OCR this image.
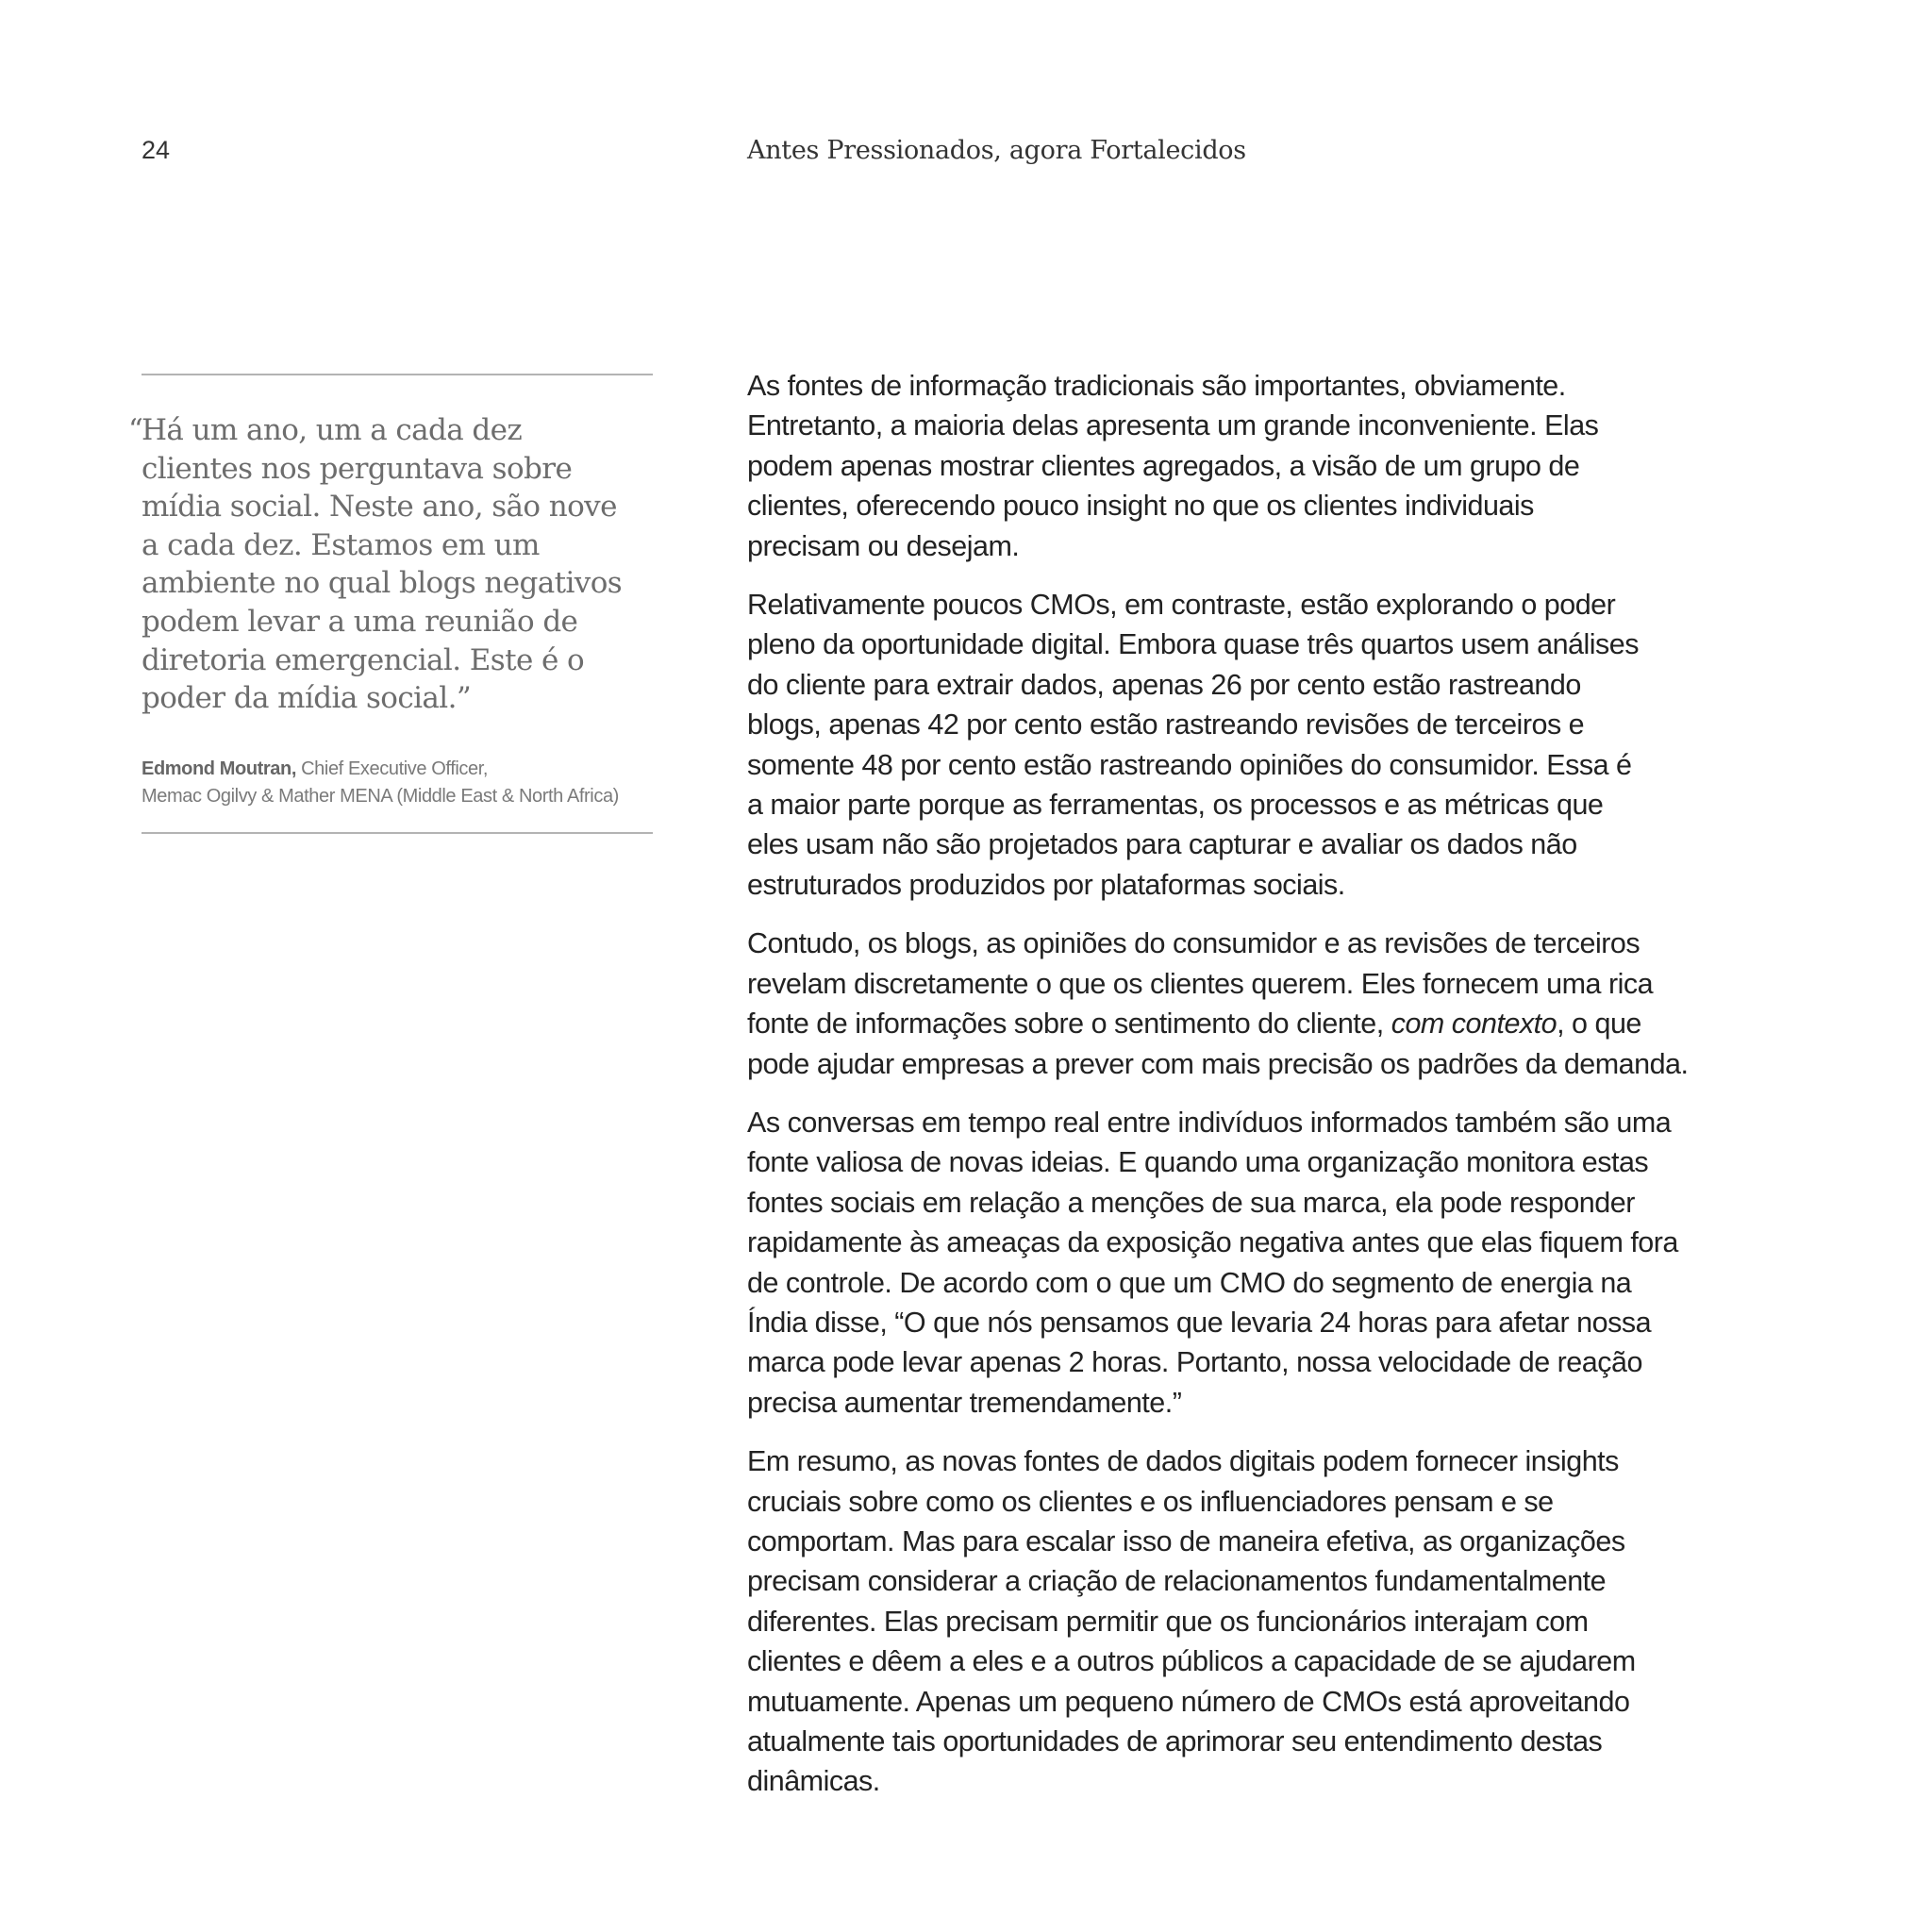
24	Antes Pressionados, agora Fortalecidos
“
Há um ano, um a cada dez
clientes nos perguntava sobre
mídia social. Neste ano, são nove
a cada dez. Estamos em um
ambiente no qual blogs negativos
podem levar a uma reunião de
diretoria emergencial. Este é o
poder da mídia social.”
Edmond Moutran, Chief Executive Officer,
Memac Ogilvy & Mather MENA (Middle East & North Africa)

As fontes de informação tradicionais são importantes, obviamente.
Entretanto, a maioria delas apresenta um grande inconveniente. Elas
podem apenas mostrar clientes agregados, a visão de um grupo de
clientes, oferecendo pouco insight no que os clientes individuais
precisam ou desejam.

Relativamente poucos CMOs, em contraste, estão explorando o poder
pleno da oportunidade digital. Embora quase três quartos usem análises
do cliente para extrair dados, apenas 26 por cento estão rastreando
blogs, apenas 42 por cento estão rastreando revisões de terceiros e
somente 48 por cento estão rastreando opiniões do consumidor. Essa é
a maior parte porque as ferramentas, os processos e as métricas que
eles usam não são projetados para capturar e avaliar os dados não
estruturados produzidos por plataformas sociais.

Contudo, os blogs, as opiniões do consumidor e as revisões de terceiros
revelam discretamente o que os clientes querem. Eles fornecem uma rica
fonte de informações sobre o sentimento do cliente, com contexto, o que
pode ajudar empresas a prever com mais precisão os padrões da demanda.

As conversas em tempo real entre indivíduos informados também são uma
fonte valiosa de novas ideias. E quando uma organização monitora estas
fontes sociais em relação a menções de sua marca, ela pode responder
rapidamente às ameaças da exposição negativa antes que elas fiquem fora
de controle. De acordo com o que um CMO do segmento de energia na
Índia disse, “O que nós pensamos que levaria 24 horas para afetar nossa
marca pode levar apenas 2 horas. Portanto, nossa velocidade de reação
precisa aumentar tremendamente.”

Em resumo, as novas fontes de dados digitais podem fornecer insights
cruciais sobre como os clientes e os influenciadores pensam e se
comportam. Mas para escalar isso de maneira efetiva, as organizações
precisam considerar a criação de relacionamentos fundamentalmente
diferentes. Elas precisam permitir que os funcionários interajam com
clientes e dêem a eles e a outros públicos a capacidade de se ajudarem
mutuamente. Apenas um pequeno número de CMOs está aproveitando
atualmente tais oportunidades de aprimorar seu entendimento destas
dinâmicas.
